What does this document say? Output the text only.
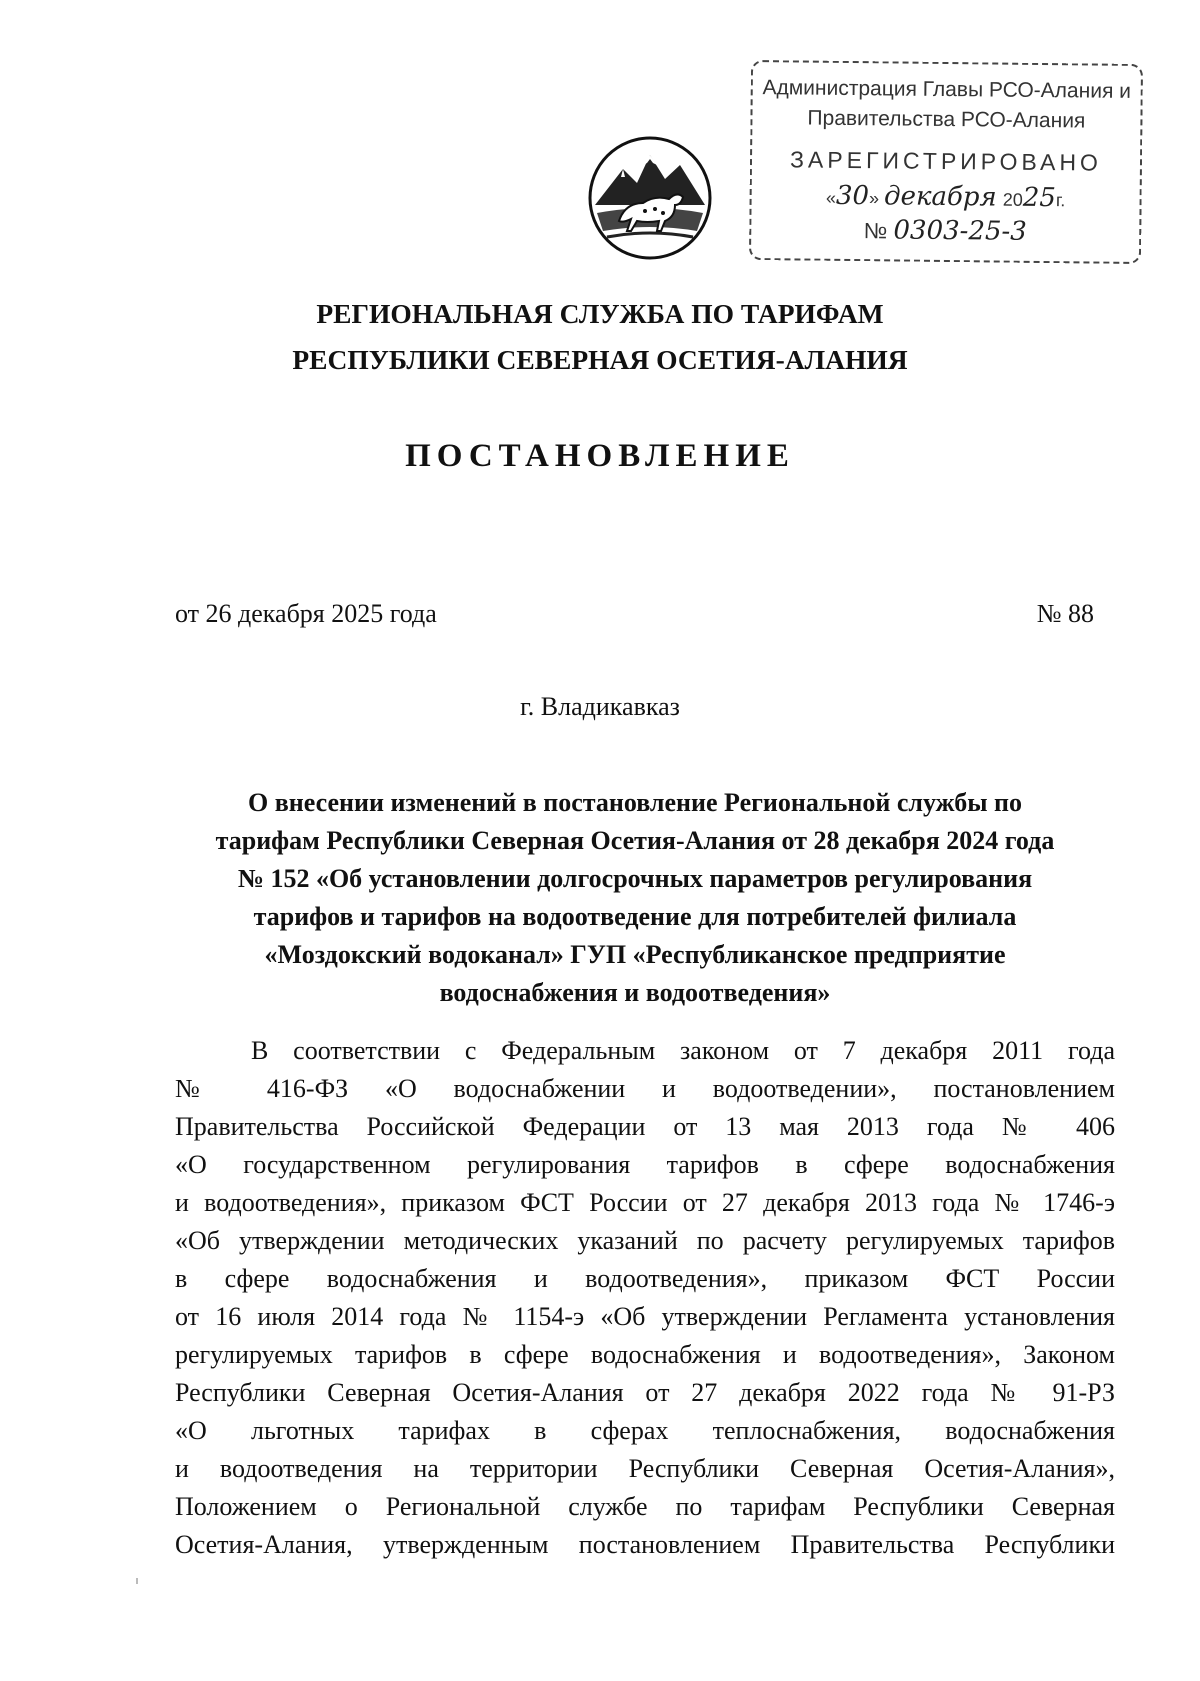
Администрация Главы РСО-Алания и
Правительства РСО-Алания
ЗАРЕГИСТРИРОВАНО
«30» декабря 2025г.
№ 0303-25-3
РЕГИОНАЛЬНАЯ СЛУЖБА ПО ТАРИФАМ
РЕСПУБЛИКИ СЕВЕРНАЯ ОСЕТИЯ-АЛАНИЯ
ПОСТАНОВЛЕНИЕ
от 26 декабря 2025 года	№ 88
г. Владикавказ
О внесении изменений в постановление Региональной службы по тарифам Республики Северная Осетия-Алания от 28 декабря 2024 года № 152 «Об установлении долгосрочных параметров регулирования тарифов и тарифов на водоотведение для потребителей филиала «Моздокский водоканал» ГУП «Республиканское предприятие водоснабжения и водоотведения»
В соответствии с Федеральным законом от 7 декабря 2011 года
№ 416-ФЗ «О водоснабжении и водоотведении», постановлением
Правительства Российской Федерации от 13 мая 2013 года № 406
«О государственном регулирования тарифов в сфере водоснабжения
и водоотведения», приказом ФСТ России от 27 декабря 2013 года № 1746-э
«Об утверждении методических указаний по расчету регулируемых тарифов
в сфере водоснабжения и водоотведения», приказом ФСТ России
от 16 июля 2014 года № 1154-э «Об утверждении Регламента установления
регулируемых тарифов в сфере водоснабжения и водоотведения», Законом
Республики Северная Осетия-Алания от 27 декабря 2022 года № 91-РЗ
«О льготных тарифах в сферах теплоснабжения, водоснабжения
и водоотведения на территории Республики Северная Осетия-Алания»,
Положением о Региональной службе по тарифам Республики Северная
Осетия-Алания, утвержденным постановлением Правительства Республики
